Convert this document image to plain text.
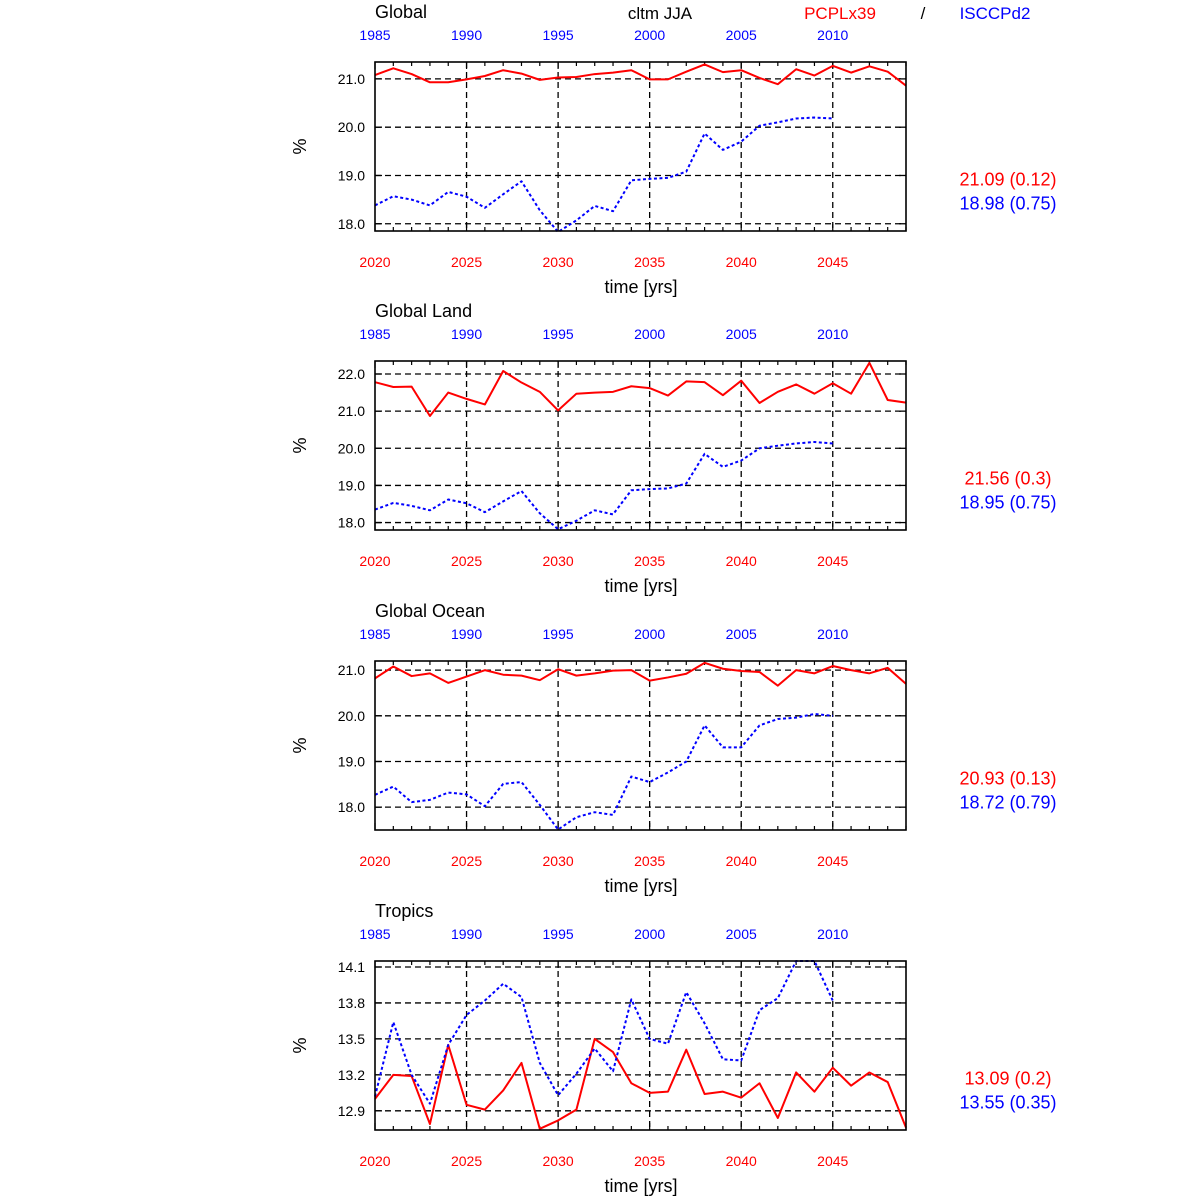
cltm JJA	PCPLx39	/ ISCCPd2
Global
1985	1990	1995	2000	2005	2010
2020	2025	2030	2035	2040	2045
time [yrs]
%
18.0
19.0
20.0
21.0
21.09 (0.12)
18.98 (0.75)
Global Land
1985	1990	1995	2000	2005	2010
2020	2025	2030	2035	2040	2045
time [yrs]
%
18.0
19.0
20.0
21.0
22.0
21.56 (0.3)
18.95 (0.75)
Global Ocean
1985	1990	1995	2000	2005	2010
2020	2025	2030	2035	2040	2045
time [yrs]
%
18.0
19.0
20.0
21.0
20.93 (0.13)
18.72 (0.79)
Tropics
1985	1990	1995	2000	2005	2010
2020	2025	2030	2035	2040	2045
time [yrs]
%
12.9
13.2
13.5
13.8
14.1
13.09 (0.2)
13.55 (0.35)
